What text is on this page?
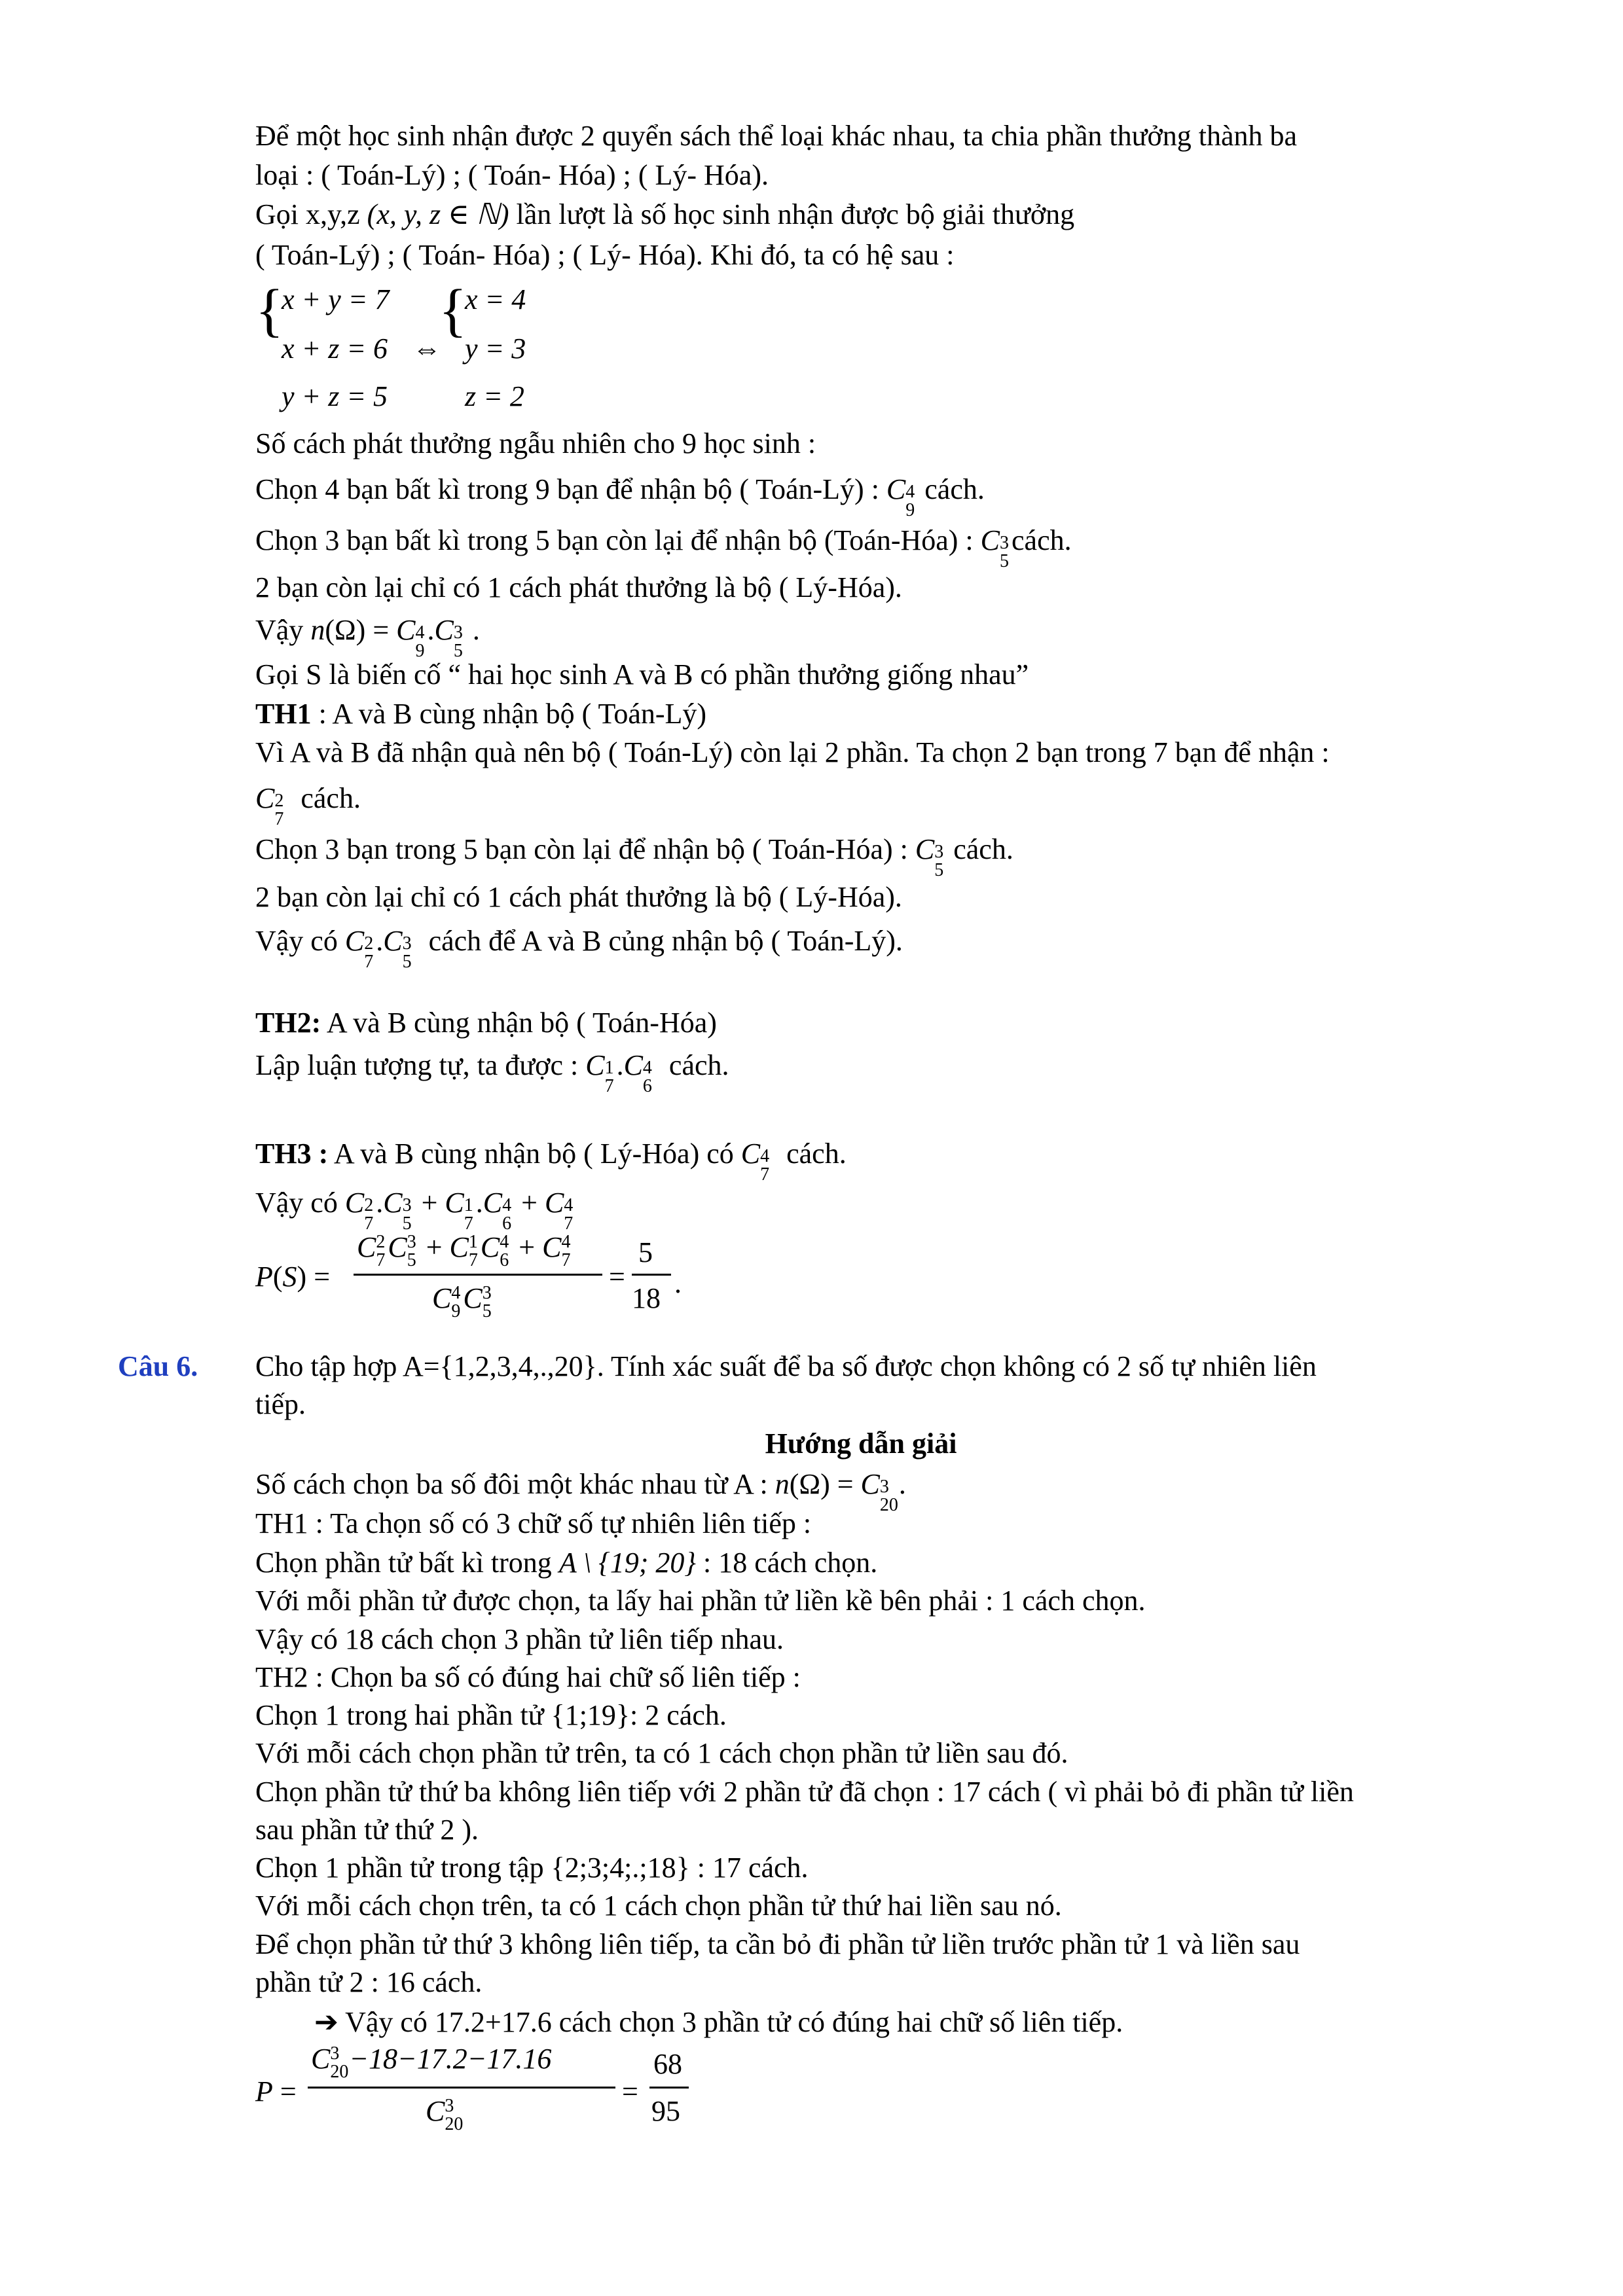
Để một học sinh nhận được 2 quyển sách thể loại khác nhau, ta chia phần thưởng thành ba
loại : ( Toán-Lý) ; ( Toán- Hóa) ; ( Lý- Hóa).
Gọi x,y,z (x, y, z ∈ ℕ) lần lượt là số học sinh nhận được bộ giải thưởng
( Toán-Lý) ; ( Toán- Hóa) ; ( Lý- Hóa). Khi đó, ta có hệ sau :
{
x + y = 7
x + z = 6
y + z = 5
⇔
{
x = 4
y = 3
z = 2
Số cách phát thưởng ngẫu nhiên cho 9 học sinh :
Chọn 4 bạn bất kì trong 9 bạn để nhận bộ ( Toán-Lý) : C 4
9
cách.
Chọn 3 bạn bất kì trong 5 bạn còn lại để nhận bộ (Toán-Hóa) : C 3
5
cách.
2 bạn còn lại chỉ có 1 cách phát thưởng là bộ ( Lý-Hóa).
Vậy n(Ω) = C 4
9
.C 3
5
.
Gọi S là biến cố “ hai học sinh A và B có phần thưởng giống nhau”
TH1 : A và B cùng nhận bộ ( Toán-Lý)
Vì A và B đã nhận quà nên bộ ( Toán-Lý) còn lại 2 phần. Ta chọn 2 bạn trong 7 bạn để nhận :
C 2
7
cách.
Chọn 3 bạn trong 5 bạn còn lại để nhận bộ ( Toán-Hóa) : C 3
5
cách.
2 bạn còn lại chỉ có 1 cách phát thưởng là bộ ( Lý-Hóa).
Vậy có C 2
7
.C 3
5
cách để A và B củng nhận bộ ( Toán-Lý).
TH2: A và B cùng nhận bộ ( Toán-Hóa)
Lập luận tượng tự, ta được : C 1
7
.C 4
6
cách.
TH3 : A và B cùng nhận bộ ( Lý-Hóa) có C 4
7
cách.
Vậy có C 2
7
.C 3
5
+ C 1
7
.C 4
6
+ C 4
7
P(S) =
C 2
7 C 3
5 + C 1
7 C 4
6 + C 4
7
C 4
9 C 3
5
=
5
18 .
Câu 6. Cho tập hợp A={1,2,3,4,.,20}. Tính xác suất để ba số được chọn không có 2 số tự nhiên liên
tiếp.
Hướng dẫn giải
Số cách chọn ba số đôi một khác nhau từ A : n(Ω) = C 3
20
.
TH1 : Ta chọn số có 3 chữ số tự nhiên liên tiếp :
Chọn phần tử bất kì trong A \ {19; 20} : 18 cách chọn.
Với mỗi phần tử được chọn, ta lấy hai phần tử liền kề bên phải : 1 cách chọn.
Vậy có 18 cách chọn 3 phần tử liên tiếp nhau.
TH2 : Chọn ba số có đúng hai chữ số liên tiếp :
Chọn 1 trong hai phần tử {1;19}: 2 cách.
Với mỗi cách chọn phần tử trên, ta có 1 cách chọn phần tử liền sau đó.
Chọn phần tử thứ ba không liên tiếp với 2 phần tử đã chọn : 17 cách ( vì phải bỏ đi phần tử liền
sau phần tử thứ 2 ).
Chọn 1 phần tử trong tập {2;3;4;.;18} : 17 cách.
Với mỗi cách chọn trên, ta có 1 cách chọn phần tử thứ hai liền sau nó.
Để chọn phần tử thứ 3 không liên tiếp, ta cần bỏ đi phần tử liền trước phần tử 1 và liền sau
phần tử 2 : 16 cách.
➔ Vậy có 17.2+17.6 cách chọn 3 phần tử có đúng hai chữ số liên tiếp.
P =
C 3
20 −18−17.2−17.16
C 3
20
=
68
95
